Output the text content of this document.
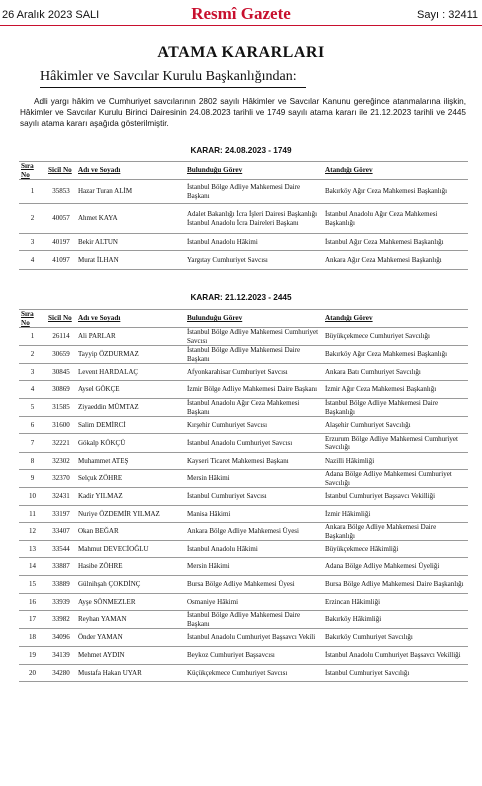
26 Aralık 2023 SALI	Resmî Gazete	Sayı : 32411
ATAMA KARARLARI
Hâkimler ve Savcılar Kurulu Başkanlığından:
Adli yargı hâkim ve Cumhuriyet savcılarının 2802 sayılı Hâkimler ve Savcılar Kanunu gereğince atanmalarına ilişkin, Hâkimler ve Savcılar Kurulu Birinci Dairesinin 24.08.2023 tarihli ve 1749 sayılı atama kararı ile 21.12.2023 tarihli ve 2445 sayılı atama kararı aşağıda gösterilmiştir.
KARAR: 24.08.2023 - 1749
Sıra No	Sicil No	Adı ve Soyadı	Bulunduğu Görev	Atandığı Görev
1	35853	Hazar Turan ALİM	İstanbul Bölge Adliye Mahkemesi Daire Başkanı	Bakırköy Ağır Ceza Mahkemesi Başkanlığı
2	40057	Ahmet KAYA	Adalet Bakanlığı İcra İşleri Dairesi Başkanlığı İstanbul Anadolu İcra Daireleri Başkanı	İstanbul Anadolu Ağır Ceza Mahkemesi Başkanlığı
3	40197	Bekir ALTUN	İstanbul Anadolu Hâkimi	İstanbul Ağır Ceza Mahkemesi Başkanlığı
4	41097	Murat İLHAN	Yargıtay Cumhuriyet Savcısı	Ankara Ağır Ceza Mahkemesi Başkanlığı
KARAR: 21.12.2023 - 2445
Sıra No	Sicil No	Adı ve Soyadı	Bulunduğu Görev	Atandığı Görev
1	26114	Ali PARLAR	İstanbul Bölge Adliye Mahkemesi Cumhuriyet Savcısı	Büyükçekmece Cumhuriyet Savcılığı
2	30659	Tayyip ÖZDURMAZ	İstanbul Bölge Adliye Mahkemesi Daire Başkanı	Bakırköy Ağır Ceza Mahkemesi Başkanlığı
3	30845	Levent HARDALAÇ	Afyonkarahisar Cumhuriyet Savcısı	Ankara Batı Cumhuriyet Savcılığı
4	30869	Aysel GÖKÇE	İzmir Bölge Adliye Mahkemesi Daire Başkanı	İzmir Ağır Ceza Mahkemesi Başkanlığı
5	31585	Ziyaeddin MÜMTAZ	İstanbul Anadolu Ağır Ceza Mahkemesi Başkanı	İstanbul Bölge Adliye Mahkemesi Daire Başkanlığı
6	31600	Salim DEMİRCİ	Kırşehir Cumhuriyet Savcısı	Alaşehir Cumhuriyet Savcılığı
7	32221	Gökalp KÖKÇÜ	İstanbul Anadolu Cumhuriyet Savcısı	Erzurum Bölge Adliye Mahkemesi Cumhuriyet Savcılığı
8	32302	Muhammet ATEŞ	Kayseri Ticaret Mahkemesi Başkanı	Nazilli Hâkimliği
9	32370	Selçuk ZÖHRE	Mersin Hâkimi	Adana Bölge Adliye Mahkemesi Cumhuriyet Savcılığı
10	32431	Kadir YILMAZ	İstanbul Cumhuriyet Savcısı	İstanbul Cumhuriyet Başsavcı Vekilliği
11	33197	Nuriye ÖZDEMİR YILMAZ	Manisa Hâkimi	İzmir Hâkimliği
12	33407	Okan BEĞAR	Ankara Bölge Adliye Mahkemesi Üyesi	Ankara Bölge Adliye Mahkemesi Daire Başkanlığı
13	33544	Mahmut DEVECİOĞLU	İstanbul Anadolu Hâkimi	Büyükçekmece Hâkimliği
14	33887	Hasibe ZÖHRE	Mersin Hâkimi	Adana Bölge Adliye Mahkemesi Üyeliği
15	33889	Gülnihşah ÇOKDİNÇ	Bursa Bölge Adliye Mahkemesi Üyesi	Bursa Bölge Adliye Mahkemesi Daire Başkanlığı
16	33939	Ayşe SÖNMEZLER	Osmaniye Hâkimi	Erzincan Hâkimliği
17	33982	Reyhan YAMAN	İstanbul Bölge Adliye Mahkemesi Daire Başkanı	Bakırköy Hâkimliği
18	34096	Önder YAMAN	İstanbul Anadolu Cumhuriyet Başsavcı Vekili	Bakırköy Cumhuriyet Savcılığı
19	34139	Mehmet AYDIN	Beykoz Cumhuriyet Başsavcısı	İstanbul Anadolu Cumhuriyet Başsavcı Vekilliği
20	34280	Mustafa Hakan UYAR	Küçükçekmece Cumhuriyet Savcısı	İstanbul Cumhuriyet Savcılığı
